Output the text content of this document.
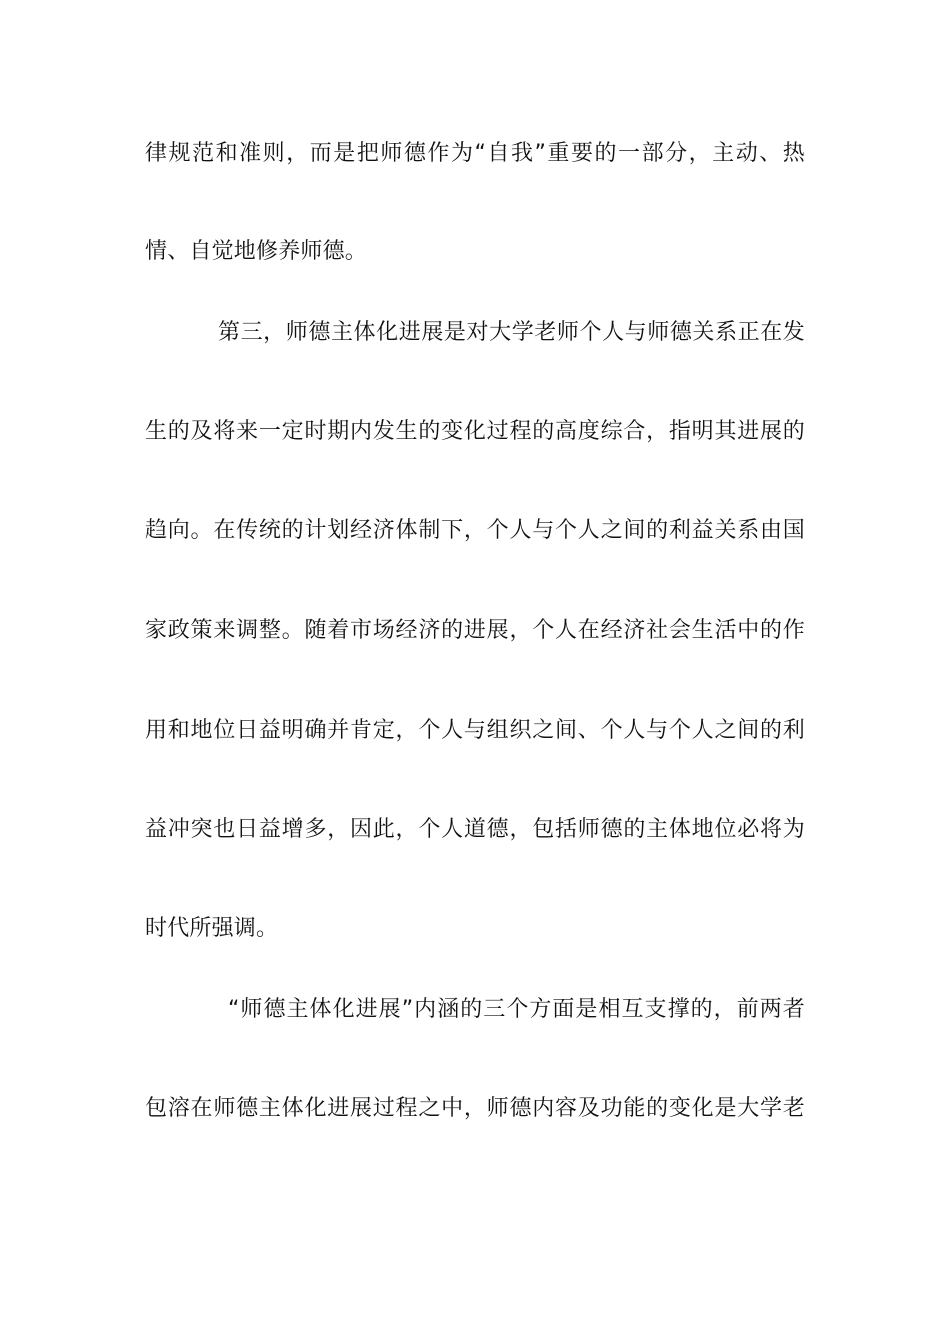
律规范和准则，而是把师德作为“自我”重要的一部分，主动、热
情、自觉地修养师德。
第三，师德主体化进展是对大学老师个人与师德关系正在发
生的及将来一定时期内发生的变化过程的高度综合，指明其进展的
趋向。在传统的计划经济体制下，个人与个人之间的利益关系由国
家政策来调整。随着市场经济的进展，个人在经济社会生活中的作
用和地位日益明确并肯定，个人与组织之间、个人与个人之间的利
益冲突也日益增多，因此，个人道德，包括师德的主体地位必将为
时代所强调。
“师德主体化进展”内涵的三个方面是相互支撑的，前两者
包溶在师德主体化进展过程之中，师德内容及功能的变化是大学老
